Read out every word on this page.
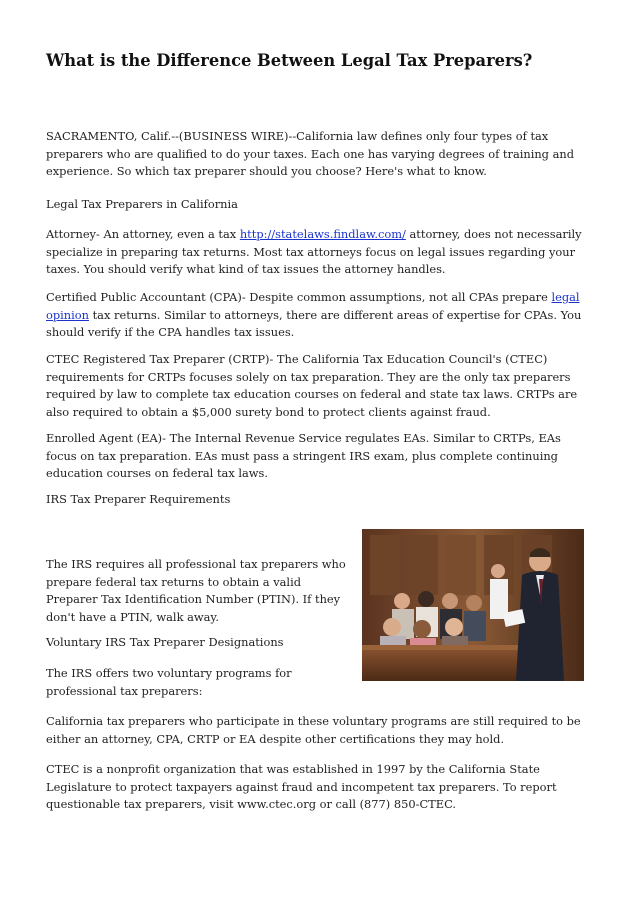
What is the Difference Between Legal Tax Preparers?

SACRAMENTO, Calif.--(BUSINESS WIRE)--California law defines only four types of tax preparers who are qualified to do your taxes. Each one has varying degrees of training and experience. So which tax preparer should you choose? Here's what to know.

Legal Tax Preparers in California

Attorney- An attorney, even a tax http://statelaws.findlaw.com/ attorney, does not necessarily specialize in preparing tax returns. Most tax attorneys focus on legal issues regarding your taxes. You should verify what kind of tax issues the attorney handles.

Certified Public Accountant (CPA)- Despite common assumptions, not all CPAs prepare legal opinion tax returns. Similar to attorneys, there are different areas of expertise for CPAs. You should verify if the CPA handles tax issues.

CTEC Registered Tax Preparer (CRTP)- The California Tax Education Council's (CTEC) requirements for CRTPs focuses solely on tax preparation. They are the only tax preparers required by law to complete tax education courses on federal and state tax laws. CRTPs are also required to obtain a $5,000 surety bond to protect clients against fraud.

Enrolled Agent (EA)- The Internal Revenue Service regulates EAs. Similar to CRTPs, EAs focus on tax preparation. EAs must pass a stringent IRS exam, plus complete continuing education courses on federal tax laws.

IRS Tax Preparer Requirements

The IRS requires all professional tax preparers who prepare federal tax returns to obtain a valid Preparer Tax Identification Number (PTIN). If they don't have a PTIN, walk away.

Voluntary IRS Tax Preparer Designations

The IRS offers two voluntary programs for professional tax preparers:

California tax preparers who participate in these voluntary programs are still required to be either an attorney, CPA, CRTP or EA despite other certifications they may hold.

CTEC is a nonprofit organization that was established in 1997 by the California State Legislature to protect taxpayers against fraud and incompetent tax preparers. To report questionable tax preparers, visit www.ctec.org or call (877) 850-CTEC.
